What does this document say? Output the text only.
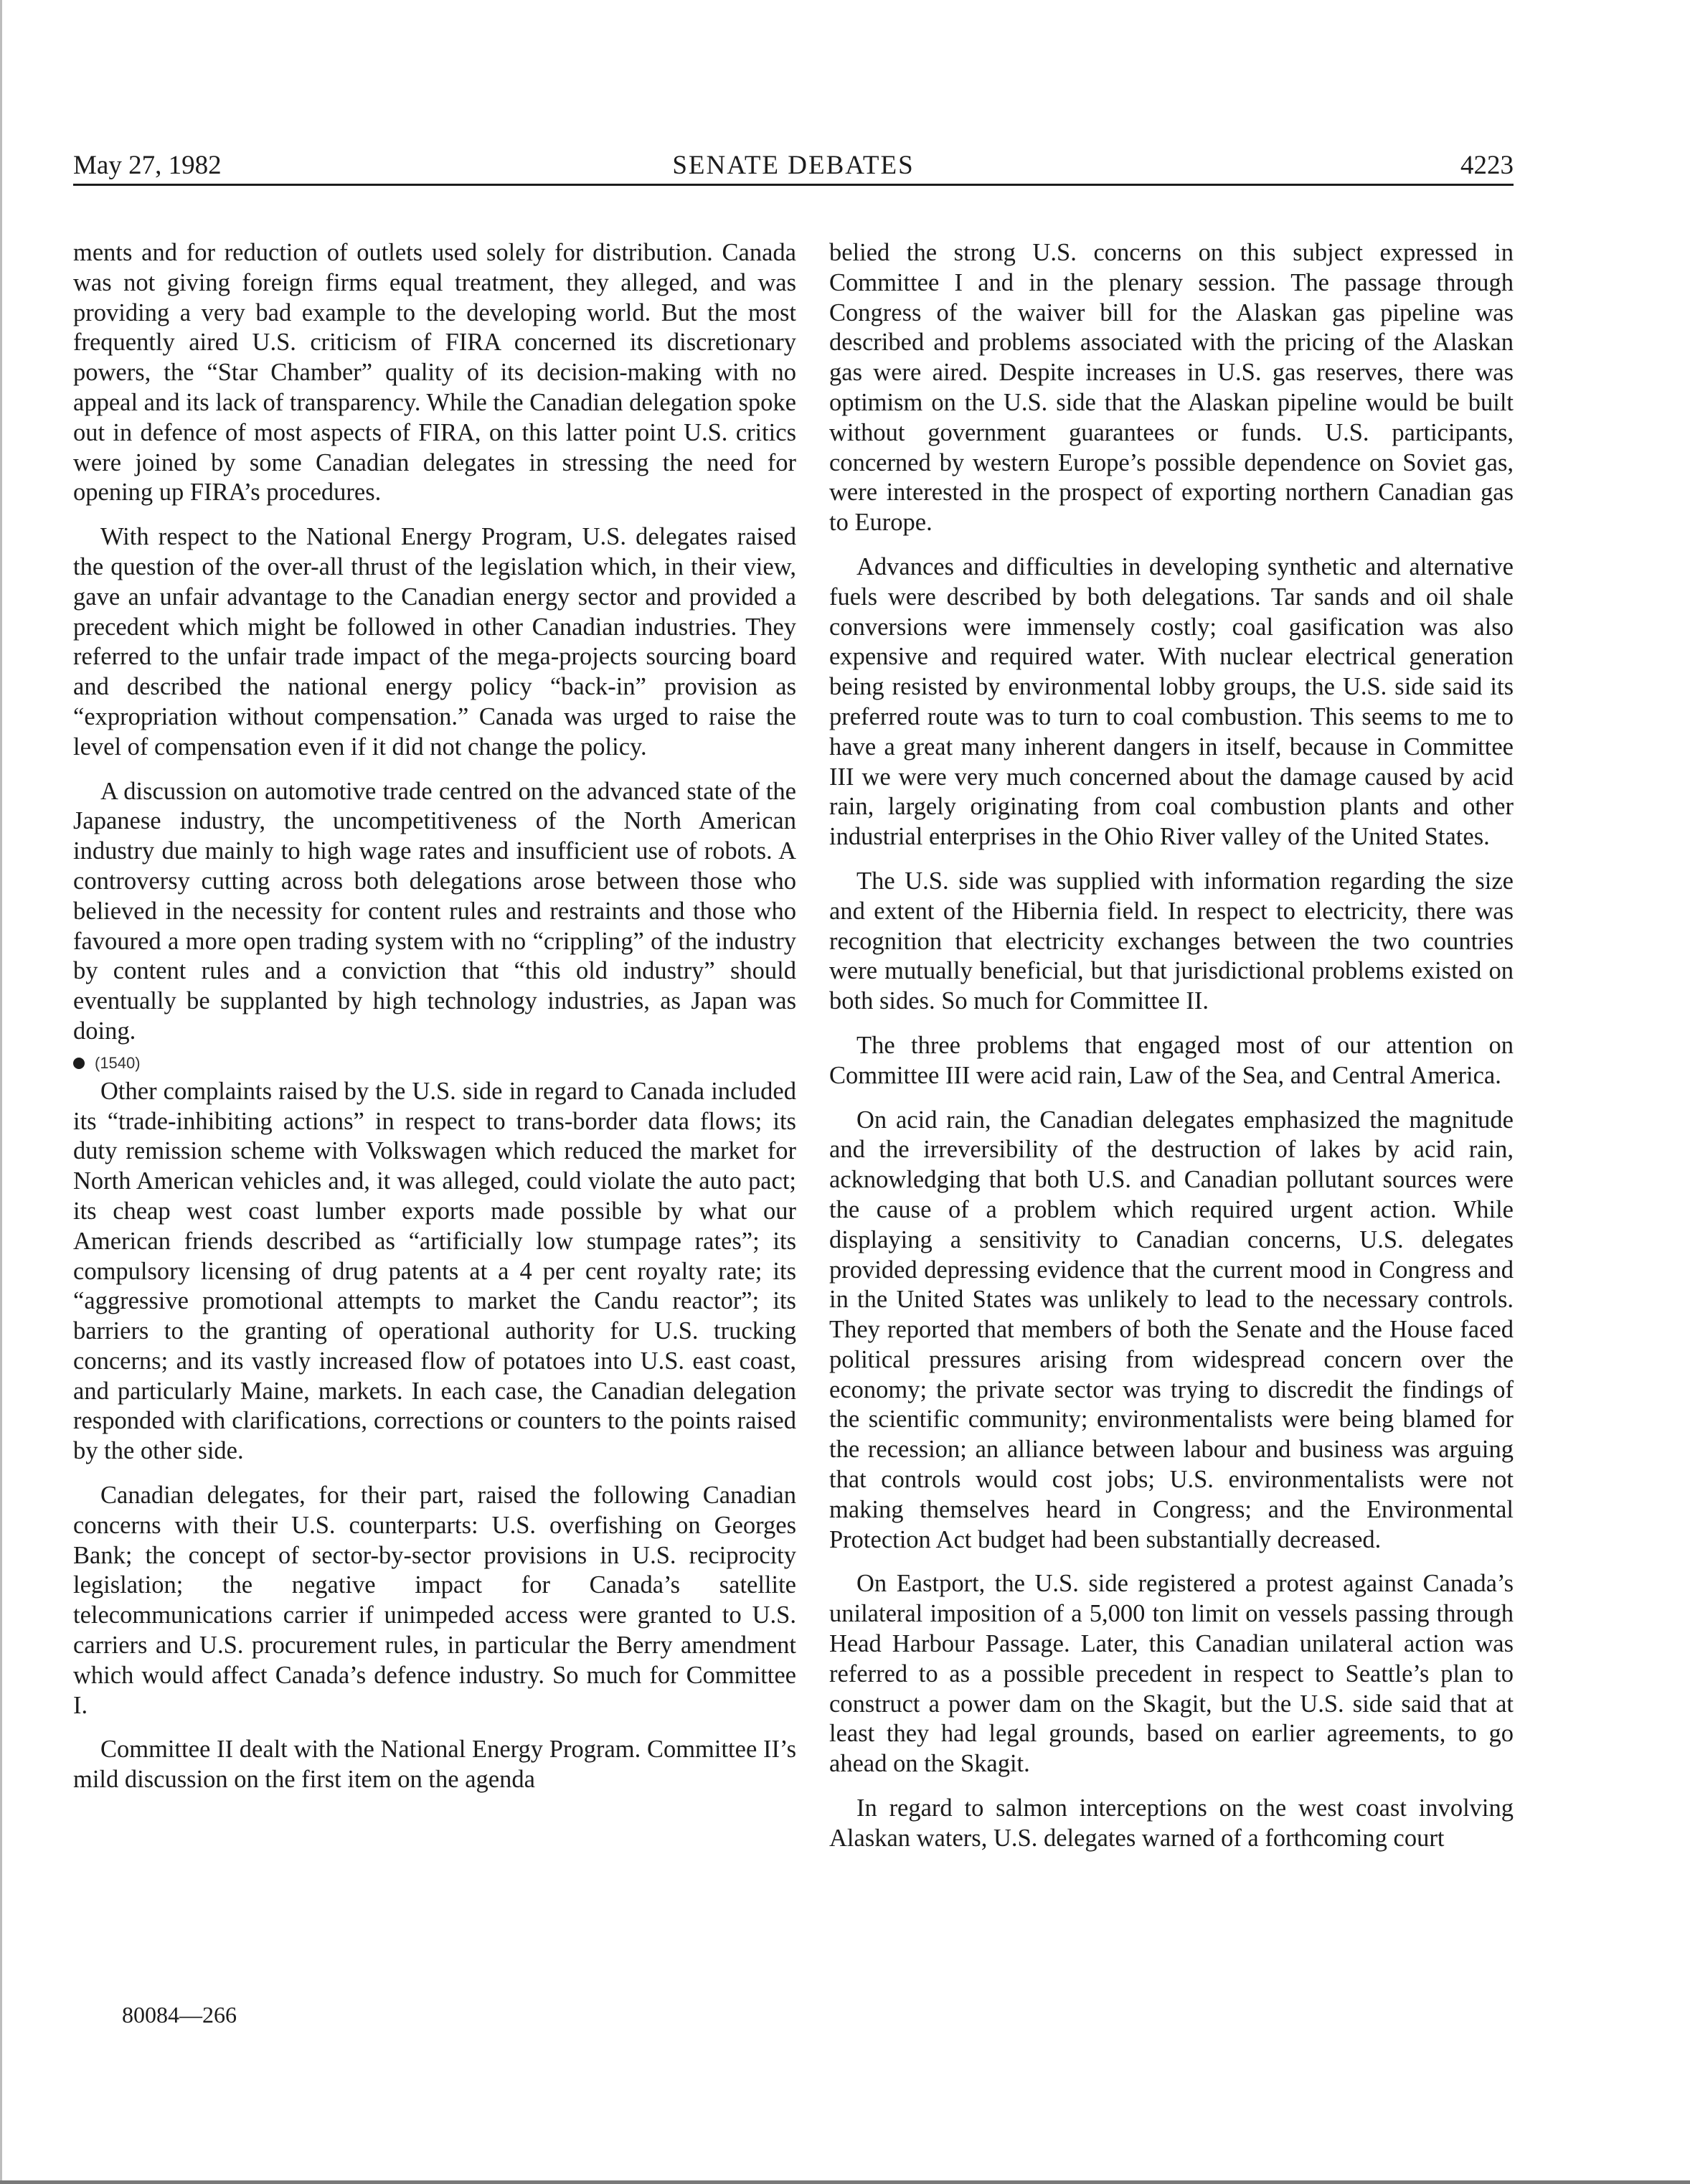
May 27, 1982	SENATE DEBATES	4223

ments and for reduction of outlets used solely for distribution. Canada was not giving foreign firms equal treatment, they alleged, and was providing a very bad example to the developing world. But the most frequently aired U.S. criticism of FIRA concerned its discretionary powers, the “Star Chamber” quality of its decision-making with no appeal and its lack of transparency. While the Canadian delegation spoke out in defence of most aspects of FIRA, on this latter point U.S. critics were joined by some Canadian delegates in stressing the need for opening up FIRA’s procedures.

With respect to the National Energy Program, U.S. delegates raised the question of the over-all thrust of the legislation which, in their view, gave an unfair advantage to the Canadian energy sector and provided a precedent which might be followed in other Canadian industries. They referred to the unfair trade impact of the mega-projects sourcing board and described the national energy policy “back-in” provision as “expropriation without compensation.” Canada was urged to raise the level of compensation even if it did not change the policy.

A discussion on automotive trade centred on the advanced state of the Japanese industry, the uncompetitiveness of the North American industry due mainly to high wage rates and insufficient use of robots. A controversy cutting across both delegations arose between those who believed in the necessity for content rules and restraints and those who favoured a more open trading system with no “crippling” of the industry by content rules and a conviction that “this old industry” should eventually be supplanted by high technology industries, as Japan was doing.

(1540)

Other complaints raised by the U.S. side in regard to Canada included its “trade-inhibiting actions” in respect to trans-border data flows; its duty remission scheme with Volkswagen which reduced the market for North American vehicles and, it was alleged, could violate the auto pact; its cheap west coast lumber exports made possible by what our American friends described as “artificially low stumpage rates”; its compulsory licensing of drug patents at a 4 per cent royalty rate; its “aggressive promotional attempts to market the Candu reactor”; its barriers to the granting of operational authority for U.S. trucking concerns; and its vastly increased flow of potatoes into U.S. east coast, and particularly Maine, markets. In each case, the Canadian delegation responded with clarifications, corrections or counters to the points raised by the other side.

Canadian delegates, for their part, raised the following Canadian concerns with their U.S. counterparts: U.S. overfishing on Georges Bank; the concept of sector-by-sector provisions in U.S. reciprocity legislation; the negative impact for Canada’s satellite telecommunications carrier if unimpeded access were granted to U.S. carriers and U.S. procurement rules, in particular the Berry amendment which would affect Canada’s defence industry. So much for Committee I.

Committee II dealt with the National Energy Program. Committee II’s mild discussion on the first item on the agenda

belied the strong U.S. concerns on this subject expressed in Committee I and in the plenary session. The passage through Congress of the waiver bill for the Alaskan gas pipeline was described and problems associated with the pricing of the Alaskan gas were aired. Despite increases in U.S. gas reserves, there was optimism on the U.S. side that the Alaskan pipeline would be built without government guarantees or funds. U.S. participants, concerned by western Europe’s possible dependence on Soviet gas, were interested in the prospect of exporting northern Canadian gas to Europe.

Advances and difficulties in developing synthetic and alternative fuels were described by both delegations. Tar sands and oil shale conversions were immensely costly; coal gasification was also expensive and required water. With nuclear electrical generation being resisted by environmental lobby groups, the U.S. side said its preferred route was to turn to coal combustion. This seems to me to have a great many inherent dangers in itself, because in Committee III we were very much concerned about the damage caused by acid rain, largely originating from coal combustion plants and other industrial enterprises in the Ohio River valley of the United States.

The U.S. side was supplied with information regarding the size and extent of the Hibernia field. In respect to electricity, there was recognition that electricity exchanges between the two countries were mutually beneficial, but that jurisdictional problems existed on both sides. So much for Committee II.

The three problems that engaged most of our attention on Committee III were acid rain, Law of the Sea, and Central America.

On acid rain, the Canadian delegates emphasized the magnitude and the irreversibility of the destruction of lakes by acid rain, acknowledging that both U.S. and Canadian pollutant sources were the cause of a problem which required urgent action. While displaying a sensitivity to Canadian concerns, U.S. delegates provided depressing evidence that the current mood in Congress and in the United States was unlikely to lead to the necessary controls. They reported that members of both the Senate and the House faced political pressures arising from widespread concern over the economy; the private sector was trying to discredit the findings of the scientific community; environmentalists were being blamed for the recession; an alliance between labour and business was arguing that controls would cost jobs; U.S. environmentalists were not making themselves heard in Congress; and the Environmental Protection Act budget had been substantially decreased.

On Eastport, the U.S. side registered a protest against Canada’s unilateral imposition of a 5,000 ton limit on vessels passing through Head Harbour Passage. Later, this Canadian unilateral action was referred to as a possible precedent in respect to Seattle’s plan to construct a power dam on the Skagit, but the U.S. side said that at least they had legal grounds, based on earlier agreements, to go ahead on the Skagit.

In regard to salmon interceptions on the west coast involving Alaskan waters, U.S. delegates warned of a forthcoming court

80084—266
